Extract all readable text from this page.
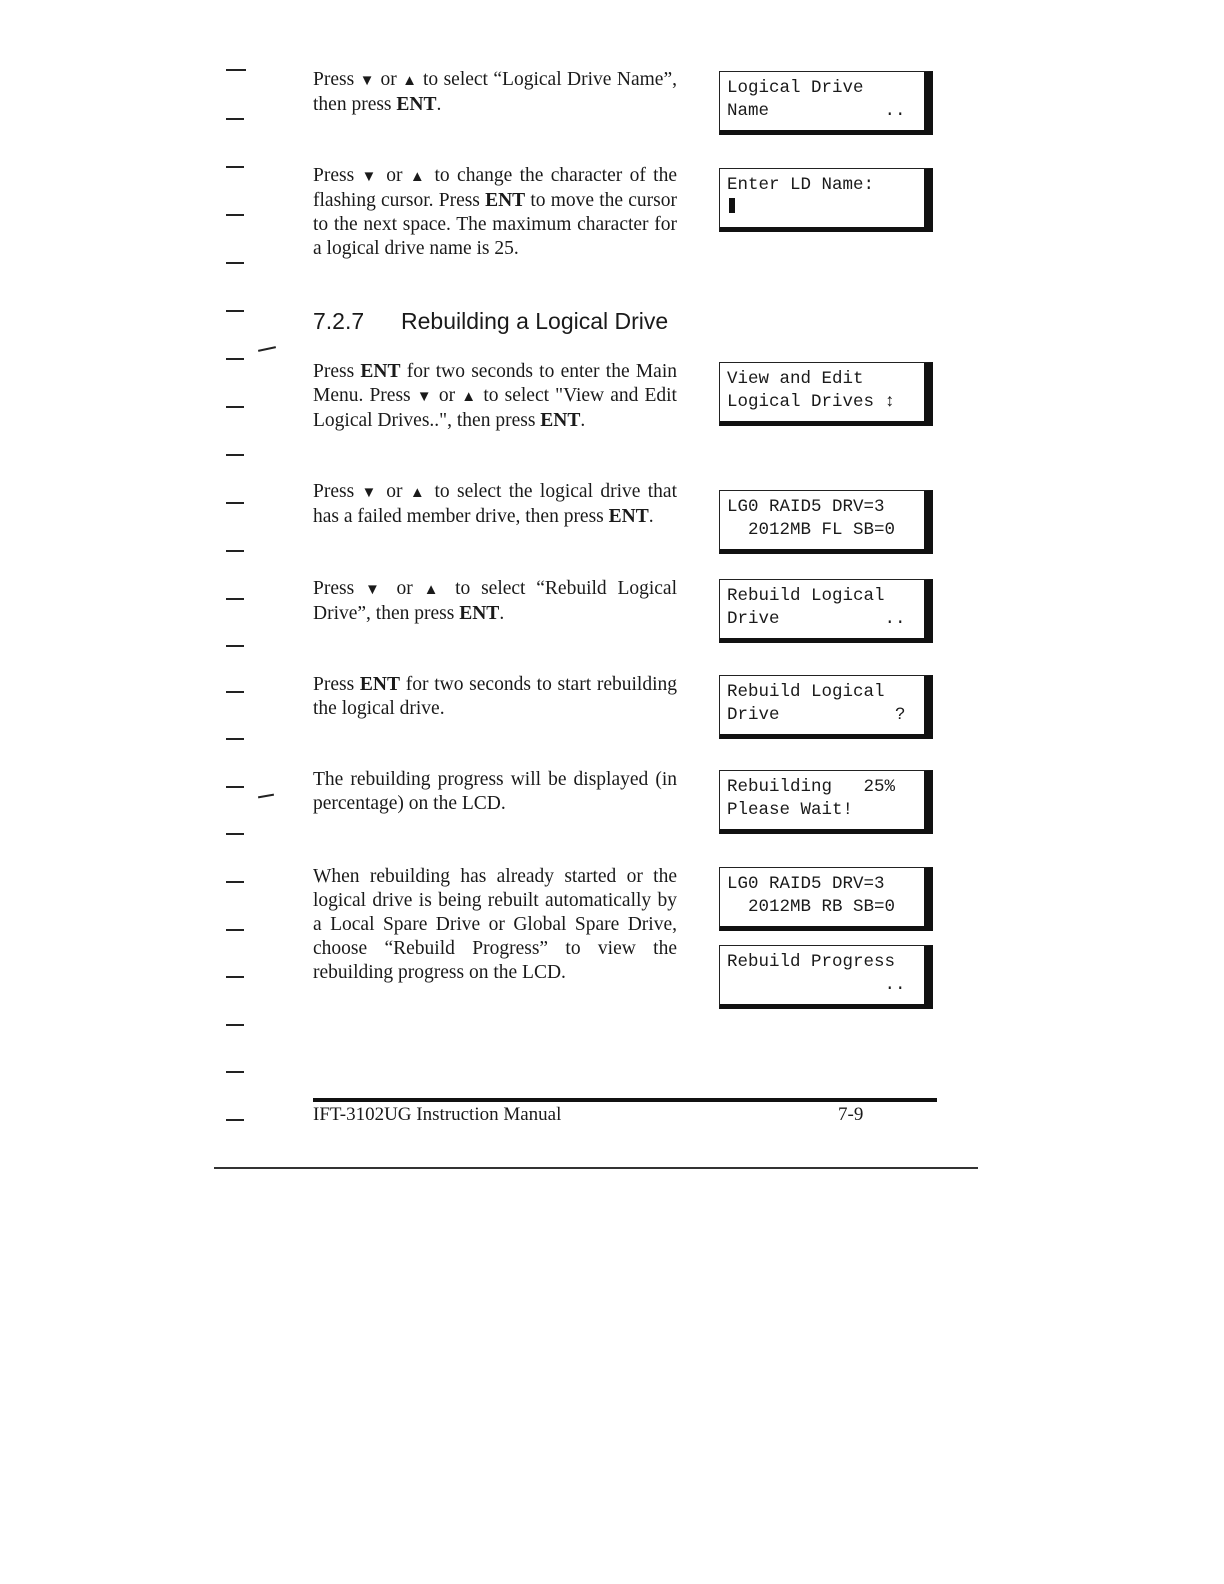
Press ▼ or ▲ to select “Logical Drive Name”, then press ENT.

Logical Drive
Name           ..

Press ▼ or ▲ to change the character of the flashing cursor. Press ENT to move the cursor to the next space. The maximum character for a logical drive name is 25.

Enter LD Name:
7.2.7 Rebuilding a Logical Drive

Press ENT for two seconds to enter the Main Menu. Press ▼ or ▲ to select "View and Edit Logical Drives..", then press ENT.

View and Edit
Logical Drives ↕

Press ▼ or ▲ to select the logical drive that has a failed member drive, then press ENT.	LG0 RAID5 DRV=3
2012MB FL SB=0

Press ▼ or ▲ to select “Rebuild Logical Drive”, then press ENT.

Rebuild Logical
Drive          ..

Press ENT for two seconds to start rebuilding the logical drive.

Rebuild Logical
Drive           ?

The rebuilding progress will be displayed (in percentage) on the LCD.

Rebuilding   25%
Please Wait!

When rebuilding has already started or the logical drive is being rebuilt automatically by a Local Spare Drive or Global Spare Drive, choose “Rebuild Progress” to view the rebuilding progress on the LCD.

LG0 RAID5 DRV=3
2012MB RB SB=0
Rebuild Progress
..
IFT-3102UG Instruction Manual	7-9
